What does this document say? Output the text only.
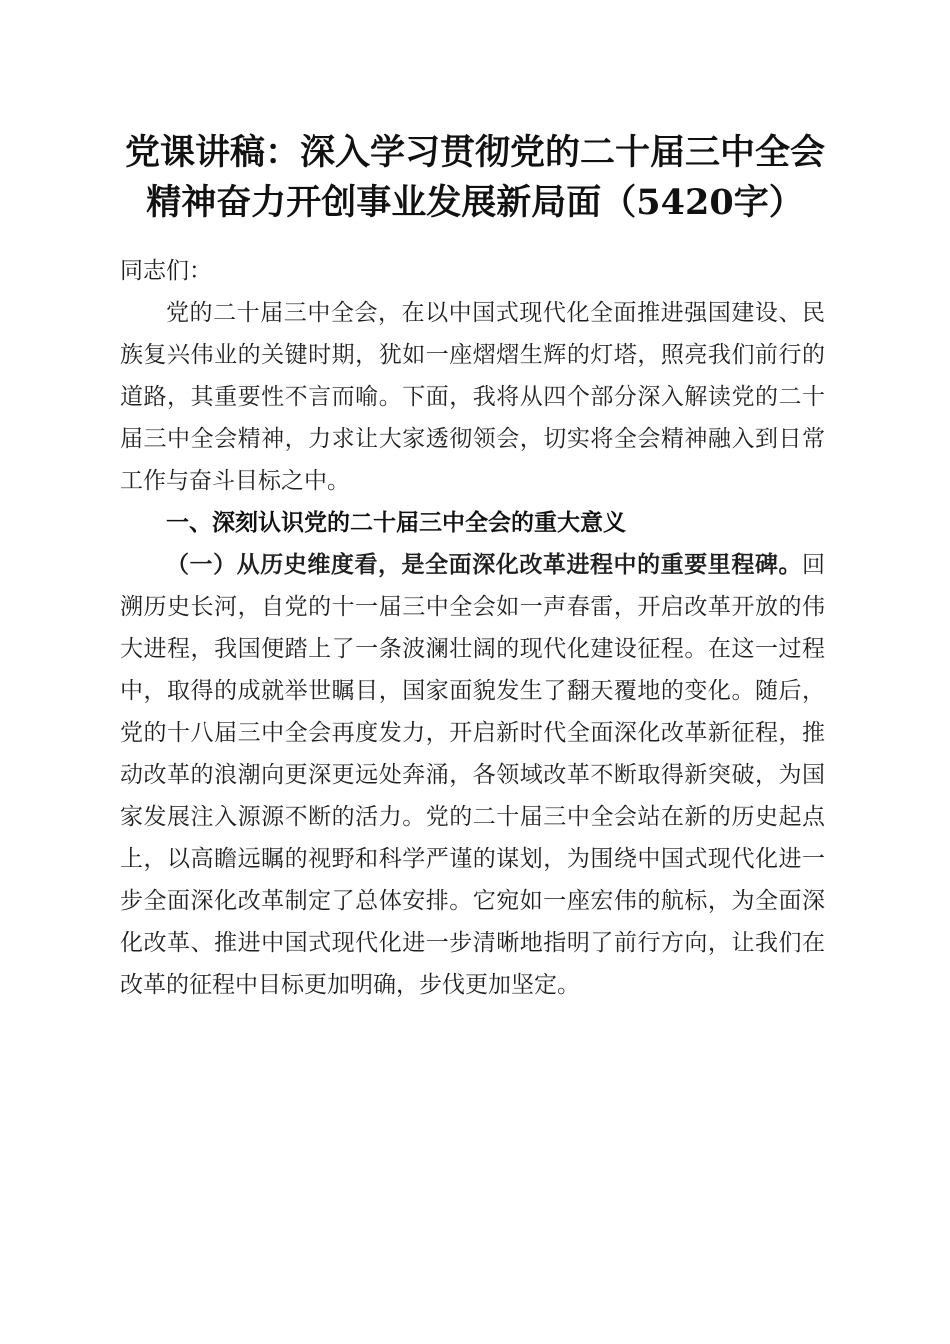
党课讲稿：深入学习贯彻党的二十届三中全会
精神奋力开创事业发展新局面（5420字）

同志们：

党的二十届三中全会，在以中国式现代化全面推进强国建设、民族复兴伟业的关键时期，犹如一座熠熠生辉的灯塔，照亮我们前行的道路，其重要性不言而喻。下面，我将从四个部分深入解读党的二十届三中全会精神，力求让大家透彻领会，切实将全会精神融入到日常工作与奋斗目标之中。

一、深刻认识党的二十届三中全会的重大意义

（一）从历史维度看，是全面深化改革进程中的重要里程碑。回溯历史长河，自党的十一届三中全会如一声春雷，开启改革开放的伟大进程，我国便踏上了一条波澜壮阔的现代化建设征程。在这一过程中，取得的成就举世瞩目，国家面貌发生了翻天覆地的变化。随后，党的十八届三中全会再度发力，开启新时代全面深化改革新征程，推动改革的浪潮向更深更远处奔涌，各领域改革不断取得新突破，为国家发展注入源源不断的活力。党的二十届三中全会站在新的历史起点上，以高瞻远瞩的视野和科学严谨的谋划，为围绕中国式现代化进一步全面深化改革制定了总体安排。它宛如一座宏伟的航标，为全面深化改革、推进中国式现代化进一步清晰地指明了前行方向，让我们在改革的征程中目标更加明确，步伐更加坚定。
